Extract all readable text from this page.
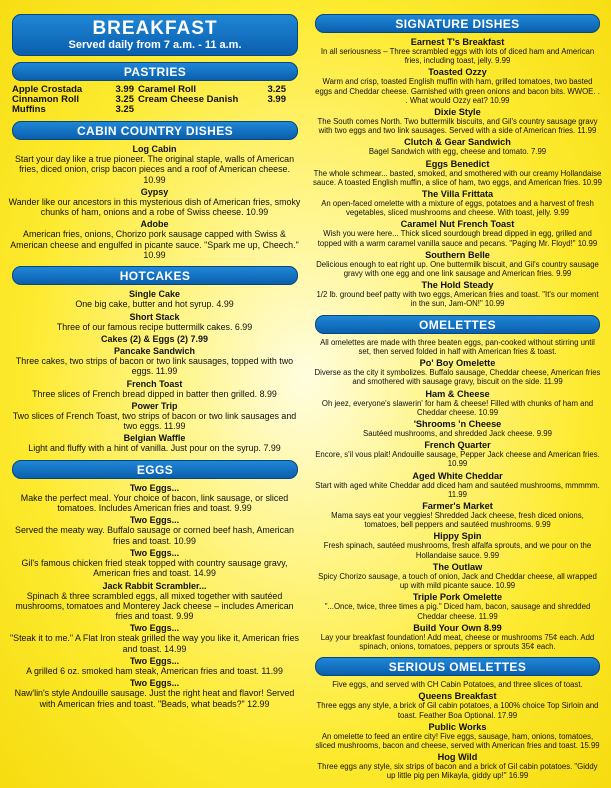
BREAKFAST
Served daily from 7 a.m. - 11 a.m.
PASTRIES
Apple Crostada	3.99 Caramel Roll	3.25
Cinnamon Roll	3.25 Cream Cheese Danish	3.99
Muffins	3.25
CABIN COUNTRY DISHES
Log Cabin

Start your day like a true pioneer. The original staple, walls of American fries, diced onion, crisp bacon pieces and a roof of American cheese. 10.99

Gypsy

Wander like our ancestors in this mysterious dish of American fries, smoky chunks of ham, onions and a robe of Swiss cheese. 10.99

Adobe

American fries, onions, Chorizo pork sausage capped with Swiss & American cheese and engulfed in picante sauce. "Spark me up, Cheech." 10.99

HOTCAKES
Single Cake

One big cake, butter and hot syrup. 4.99

Short Stack

Three of our famous recipe buttermilk cakes. 6.99

Cakes (2) & Eggs (2) 7.99
Pancake Sandwich

Three cakes, two strips of bacon or two link sausages, topped with two eggs. 11.99

French Toast

Three slices of French bread dipped in batter then grilled. 8.99

Power Trip

Two slices of French Toast, two strips of bacon or two link sausages and two eggs. 11.99

Belgian Waffle

Light and fluffy with a hint of vanilla. Just pour on the syrup. 7.99

EGGS
Two Eggs...

Make the perfect meal. Your choice of bacon, link sausage, or sliced tomatoes. Includes American fries and toast. 9.99

Two Eggs...

Served the meaty way. Buffalo sausage or corned beef hash, American fries and toast. 10.99

Two Eggs...

Gil's famous chicken fried steak topped with country sausage gravy, American fries and toast. 14.99

Jack Rabbit Scrambler...

Spinach & three scrambled eggs, all mixed together with sautéed mushrooms, tomatoes and Monterey Jack cheese – includes American fries and toast. 9.99

Two Eggs...

"Steak it to me." A Flat Iron steak grilled the way you like it, American fries and toast. 14.99

Two Eggs...

A grilled 6 oz. smoked ham steak, American fries and toast. 11.99

Two Eggs...

Naw'lin's style Andouille sausage. Just the right heat and flavor! Served with American fries and toast. "Beads, what beads?" 12.99

SIGNATURE DISHES
Earnest T's Breakfast

In all seriousness – Three scrambled eggs with lots of diced ham and American fries, including toast, jelly. 9.99

Toasted Ozzy

Warm and crisp, toasted English muffin with ham, grilled tomatoes, two basted eggs and Cheddar cheese. Garnished with green onions and bacon bits. WWOE. . . What would Ozzy eat? 10.99

Dixie Style

The South comes North. Two buttermilk biscuits, and Gil's country sausage gravy with two eggs and two link sausages. Served with a side of American fries. 11.99

Clutch & Gear Sandwich

Bagel Sandwich with egg, cheese and tomato. 7.99

Eggs Benedict

The whole schmear... basted, smoked, and smothered with our creamy Hollandaise sauce. A toasted English muffin, a slice of ham, two eggs, and American fries. 10.99

The Villa Frittata

An open-faced omelette with a mixture of eggs, potatoes and a harvest of fresh vegetables, sliced mushrooms and cheese. With toast, jelly. 9.99

Caramel Nut French Toast

Wish you were here... Thick sliced sourdough bread dipped in egg, grilled and topped with a warm caramel vanilla sauce and pecans. "Paging Mr. Floyd!" 10.99

Southern Belle

Delicious enough to eat right up. One buttermilk biscuit, and Gil's country sausage gravy with one egg and one link sausage and American fries. 9.99

The Hold Steady

1/2 lb. ground beef patty with two eggs, American fries and toast. "It's our moment in the sun, Jam-ON!" 10.99

OMELETTES

All omelettes are made with three beaten eggs, pan-cooked without stirring until set, then served folded in half with American fries & toast.

Po' Boy Omelette

Diverse as the city it symbolizes. Buffalo sausage, Cheddar cheese, American fries and smothered with sausage gravy, biscuit on the side. 11.99

Ham & Cheese

Oh jeez, everyone's slawerin' for ham & cheese! Filled with chunks of ham and Cheddar cheese. 10.99

'Shrooms 'n Cheese

Sautéed mushrooms, and shredded Jack cheese. 9.99

French Quarter

Encore, s'il vous plait! Andouille sausage, Pepper Jack cheese and American fries. 10.99

Aged White Cheddar

Start with aged white Cheddar add diced ham and sautéed mushrooms, mmmmm. 11.99

Farmer's Market

Mama says eat your veggies! Shredded Jack cheese, fresh diced onions, tomatoes, bell peppers and sautéed mushrooms. 9.99

Hippy Spin

Fresh spinach, sautéed mushrooms, fresh alfalfa sprouts, and we pour on the Hollandaise sauce. 9.99

The Outlaw

Spicy Chorizo sausage, a touch of onion, Jack and Cheddar cheese, all wrapped up with mild picante sauce. 10.99

Triple Pork Omelette

"...Once, twice, three times a pig." Diced ham, bacon, sausage and shredded Cheddar cheese. 11.99

Build Your Own 8.99

Lay your breakfast foundation! Add meat, cheese or mushrooms 75¢ each. Add spinach, onions, tomatoes, peppers or sprouts 35¢ each.

SERIOUS OMELETTES

Five eggs, and served with CH Cabin Potatoes, and three slices of toast.

Queens Breakfast

Three eggs any style, a brick of Gil cabin potatoes, a 100% choice Top Sirloin and toast. Feather Boa Optional. 17.99

Public Works

An omelette to feed an entire city! Five eggs, sausage, ham, onions, tomatoes, sliced mushrooms, bacon and cheese, served with American fries and toast. 15.99

Hog Wild

Three eggs any style, six strips of bacon and a brick of Gil cabin potatoes. "Giddy up little pig pen Mikayla, giddy up!" 16.99
